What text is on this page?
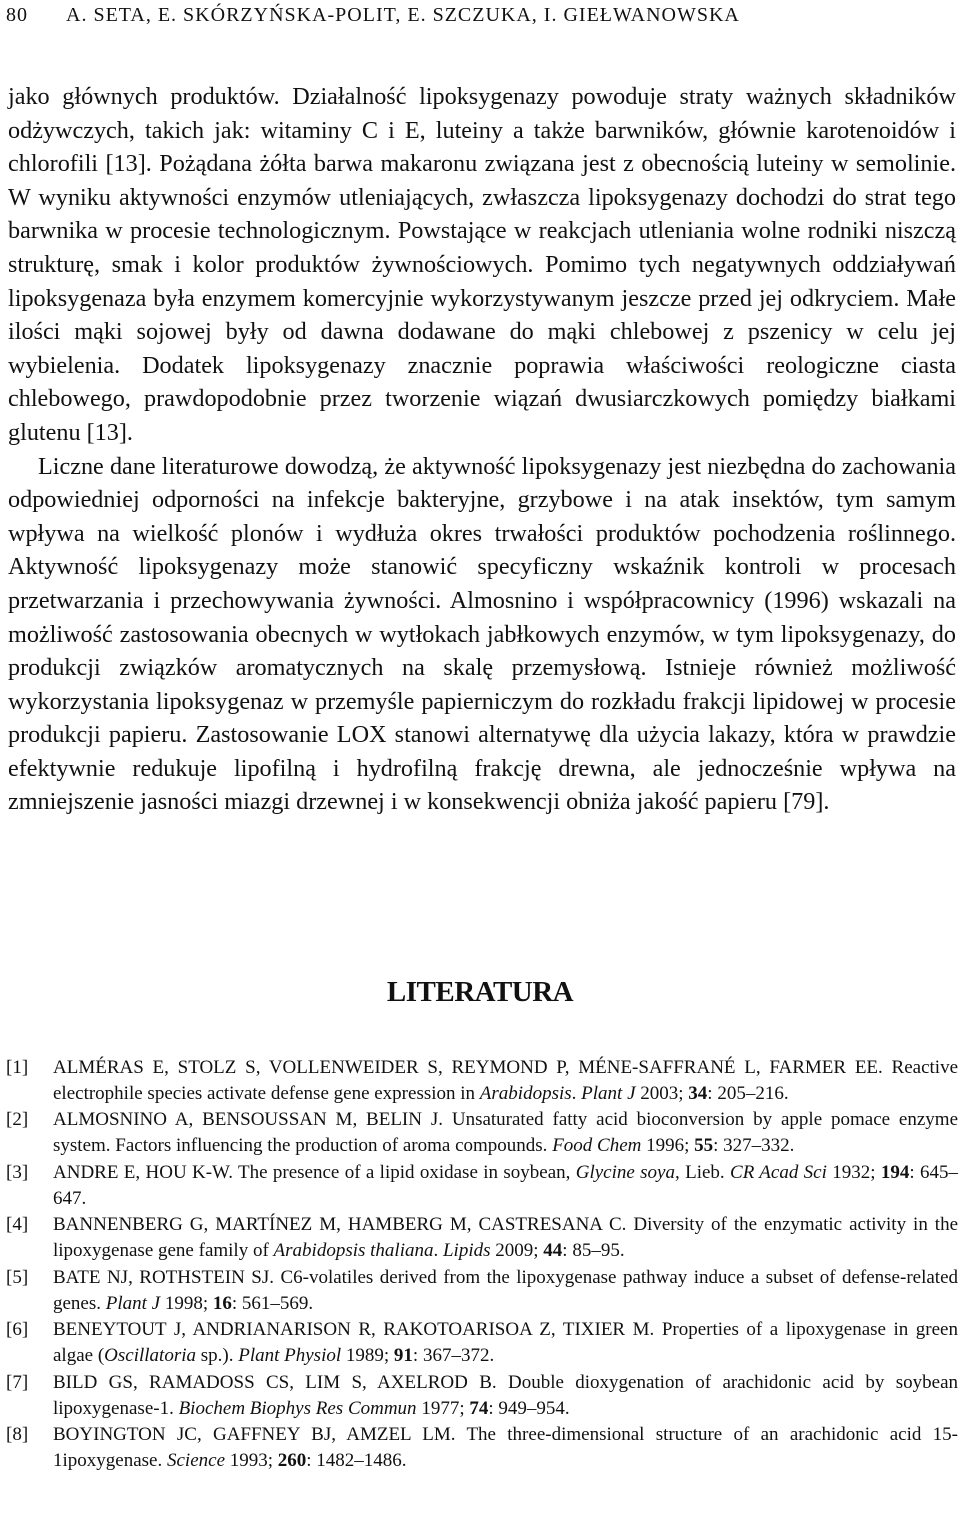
80 A. SETA, E. SKÓRZYŃSKA-POLIT, E. SZCZUKA, I. GIEŁWANOWSKA

jako głównych produktów. Działalność lipoksygenazy powoduje straty ważnych składników odżywczych, takich jak: witaminy C i E, luteiny a także barwników, głównie karotenoidów i chlorofili [13]. Pożądana żółta barwa makaronu związana jest z obecnością luteiny w semolinie. W wyniku aktywności enzymów utleniających, zwłaszcza lipoksygenazy dochodzi do strat tego barwnika w procesie technologicznym. Powstające w reakcjach utleniania wolne rodniki niszczą strukturę, smak i kolor produktów żywnościowych. Pomimo tych negatywnych oddziaływań lipoksygenaza była enzymem komercyjnie wykorzystywanym jeszcze przed jej odkryciem. Małe ilości mąki sojowej były od dawna dodawane do mąki chlebowej z pszenicy w celu jej wybielenia. Dodatek lipoksygenazy znacznie poprawia właściwości reologiczne ciasta chlebowego, prawdopodobnie przez tworzenie wiązań dwusiarczkowych pomiędzy białkami glutenu [13].

Liczne dane literaturowe dowodzą, że aktywność lipoksygenazy jest niezbędna do zachowania odpowiedniej odporności na infekcje bakteryjne, grzybowe i na atak insektów, tym samym wpływa na wielkość plonów i wydłuża okres trwałości produktów pochodzenia roślinnego. Aktywność lipoksygenazy może stanowić specyficzny wskaźnik kontroli w procesach przetwarzania i przechowywania żywności. Almosnino i współpracownicy (1996) wskazali na możliwość zastosowania obecnych w wytłokach jabłkowych enzymów, w tym lipoksygenazy, do produkcji związków aromatycznych na skalę przemysłową. Istnieje również możliwość wykorzystania lipoksygenaz w przemyśle papierniczym do rozkładu frakcji lipidowej w procesie produkcji papieru. Zastosowanie LOX stanowi alternatywę dla użycia lakazy, która w prawdzie efektywnie redukuje lipofilną i hydrofilną frakcję drewna, ale jednocześnie wpływa na zmniejszenie jasności miazgi drzewnej i w konsekwencji obniża jakość papieru [79].

LITERATURA
[1] ALMÉRAS E, STOLZ S, VOLLENWEIDER S, REYMOND P, MÉNE-SAFFRANÉ L, FARMER EE. Reactive electrophile species activate defense gene expression in Arabidopsis. Plant J 2003; 34: 205–216.
[2] ALMOSNINO A, BENSOUSSAN M, BELIN J. Unsaturated fatty acid bioconversion by apple pomace enzyme system. Factors influencing the production of aroma compounds. Food Chem 1996; 55: 327–332.
[3] ANDRE E, HOU K-W. The presence of a lipid oxidase in soybean, Glycine soya, Lieb. CR Acad Sci 1932; 194: 645–647.
[4] BANNENBERG G, MARTÍNEZ M, HAMBERG M, CASTRESANA C. Diversity of the enzymatic activity in the lipoxygenase gene family of Arabidopsis thaliana. Lipids 2009; 44: 85–95.
[5] BATE NJ, ROTHSTEIN SJ. C6-volatiles derived from the lipoxygenase pathway induce a subset of defense-related genes. Plant J 1998; 16: 561–569.
[6] BENEYTOUT J, ANDRIANARISON R, RAKOTOARISOA Z, TIXIER M. Properties of a lipoxygenase in green algae (Oscillatoria sp.). Plant Physiol 1989; 91: 367–372.
[7] BILD GS, RAMADOSS CS, LIM S, AXELROD B. Double dioxygenation of arachidonic acid by soybean lipoxygenase-1. Biochem Biophys Res Commun 1977; 74: 949–954.
[8] BOYINGTON JC, GAFFNEY BJ, AMZEL LM. The three-dimensional structure of an arachidonic acid 15-1ipoxygenase. Science 1993; 260: 1482–1486.
